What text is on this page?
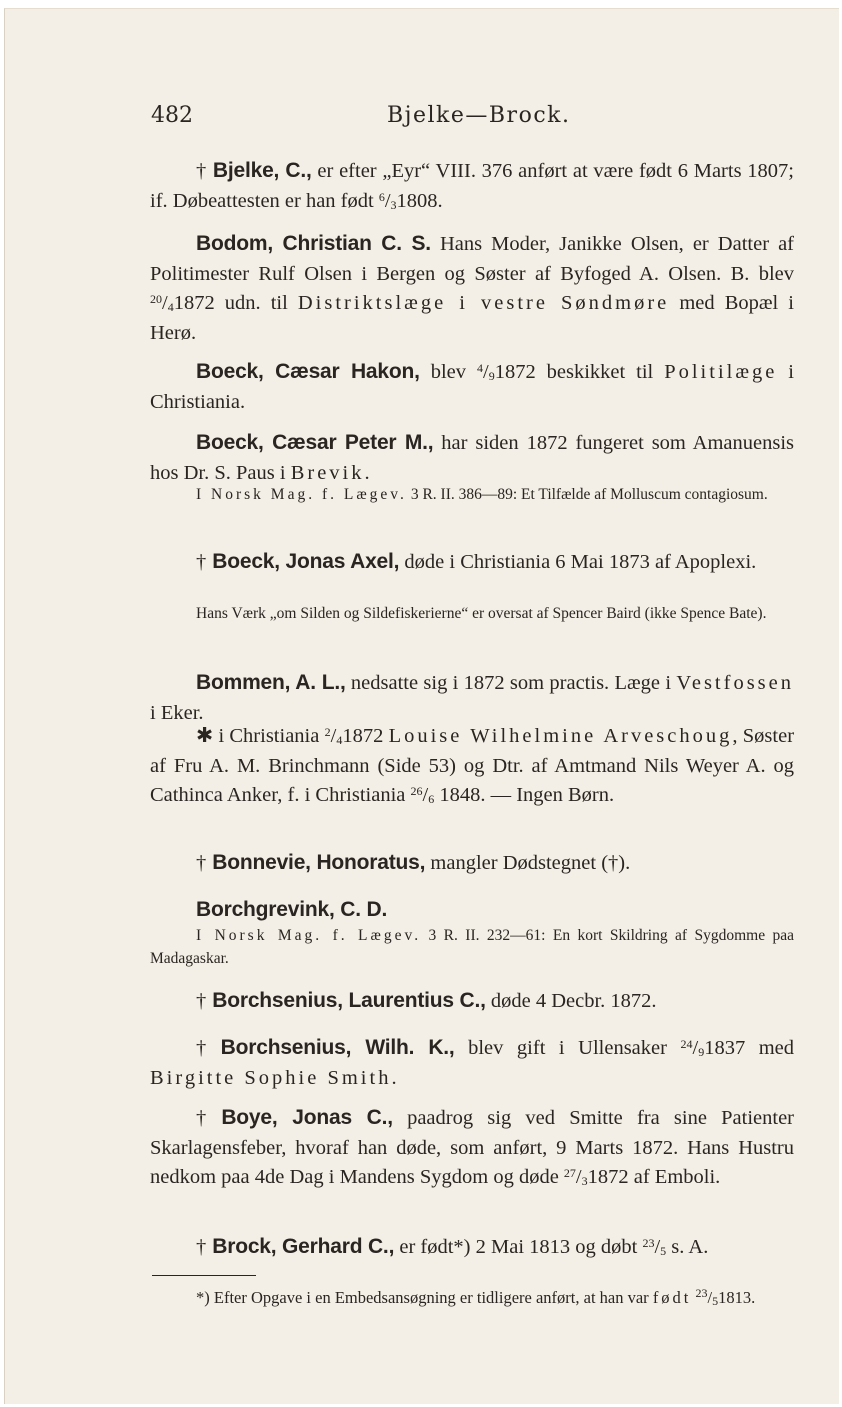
482	Bjelke—Brock.
† Bjelke, C., er efter „Eyr“ VIII. 376 anført at være født 6 Marts 1807; if. Døbeattesten er han født $^6/_31808$.
Bodom, Christian C. S. Hans Moder, Janikke Olsen, er Datter af Politimester Rulf Olsen i Bergen og Søster af Byfoged A. Olsen. B. blev $^{20}/_41872$ udn. til Distriktslæge i vestre Søndmøre med Bopæl i Herø.
Boeck, Cæsar Hakon, blev $^4/_91872$ beskikket til Politilæge i Christiania.
Boeck, Cæsar Peter M., har siden 1872 fungeret som Amanuensis hos Dr. S. Paus i Brevik.
I Norsk Mag. f. Lægev. 3 R. II. 386—89: Et Tilfælde af Molluscum contagiosum.
† Boeck, Jonas Axel, døde i Christiania 6 Mai 1873 af Apoplexi.
Hans Værk „om Silden og Sildefiskerierne“ er oversat af Spencer Baird (ikke Spence Bate).
Bommen, A. L., nedsatte sig i 1872 som practis. Læge i Vestfossen i Eker.
✱ i Christiania $^2/_41872$ Louise Wilhelmine Arveschoug, Søster af Fru A. M. Brinchmann (Side 53) og Dtr. af Amtmand Nils Weyer A. og Cathinca Anker, f. i Christiania $^{26}/_6$ 1848. — Ingen Børn.
† Bonnevie, Honoratus, mangler Dødstegnet (†).
Borchgrevink, C. D.
I Norsk Mag. f. Lægev. 3 R. II. 232—61: En kort Skildring af Sygdomme paa Madagaskar.
† Borchsenius, Laurentius C., døde 4 Decbr. 1872.
† Borchsenius, Wilh. K., blev gift i Ullensaker $^{24}/_91837$ med Birgitte Sophie Smith.
† Boye, Jonas C., paadrog sig ved Smitte fra sine Patienter Skarlagensfeber, hvoraf han døde, som anført, 9 Marts 1872. Hans Hustru nedkom paa 4de Dag i Mandens Sygdom og døde $^{27}/_31872$ af Emboli.
† Brock, Gerhard C., er født*) 2 Mai 1813 og døbt $^{23}/_5$ s. A.
*) Efter Opgave i en Embedsansøgning er tidligere anført, at han var født $^{23}/_51813$.
